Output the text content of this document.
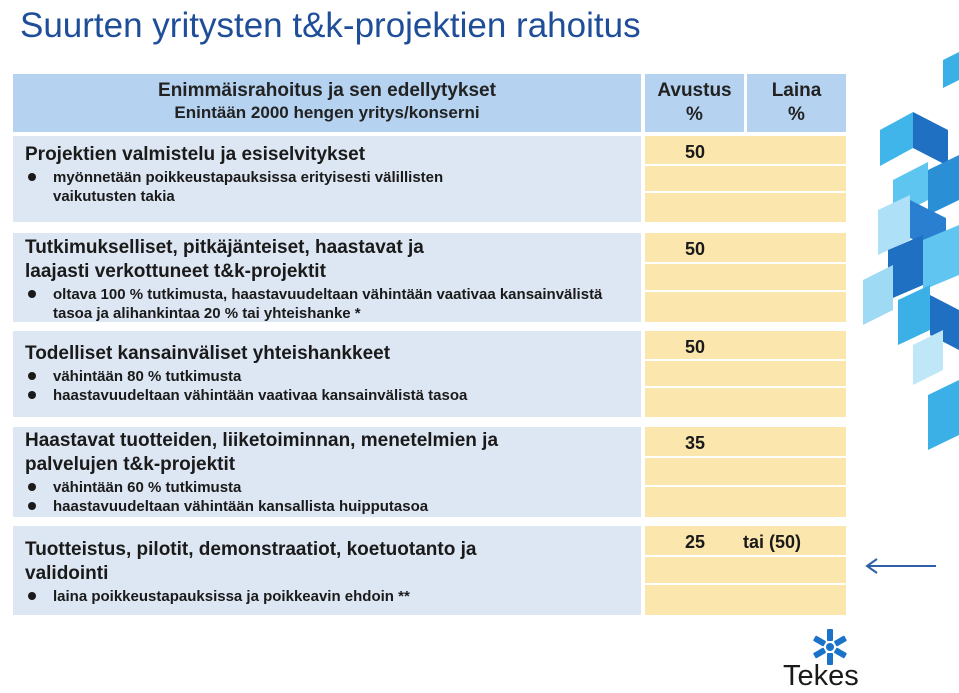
Suurten yritysten t&k-projektien rahoitus
Enimmäisrahoitus ja sen edellytykset
Enintään 2000 hengen yritys/konserni
Avustus
%
Laina
%
Projektien valmistelu ja esiselvitykset
myönnetään poikkeustapauksissa erityisesti välillisten vaikutusten takia
50
Tutkimukselliset, pitkäjänteiset, haastavat ja
laajasti verkottuneet t&k-projektit
oltava 100 % tutkimusta, haastavuudeltaan vähintään vaativaa kansainvälistä tasoa ja alihankintaa 20 % tai yhteishanke *
50
Todelliset kansainväliset yhteishankkeet
vähintään 80 % tutkimusta
haastavuudeltaan vähintään vaativaa kansainvälistä tasoa
50
Haastavat tuotteiden, liiketoiminnan, menetelmien ja
palvelujen t&k-projektit
vähintään 60 % tutkimusta
haastavuudeltaan vähintään kansallista huipputasoa
35
Tuotteistus, pilotit, demonstraatiot, koetuotanto ja
validointi
laina poikkeustapauksissa ja poikkeavin ehdoin **
25 tai (50)
Tekes
